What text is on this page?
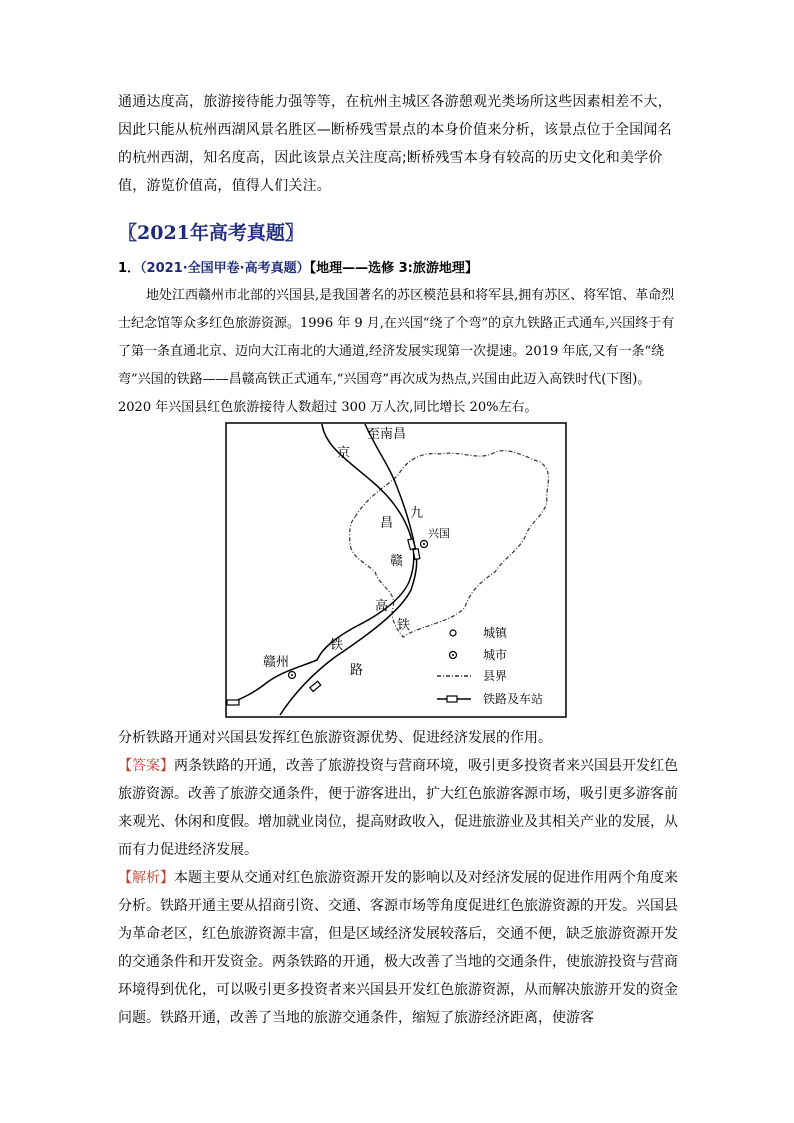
通通达度高，旅游接待能力强等等，在杭州主城区各游憩观光类场所这些因素相差不大，因此只能从杭州西湖风景名胜区—断桥残雪景点的本身价值来分析，该景点位于全国闻名的杭州西湖，知名度高，因此该景点关注度高;断桥残雪本身有较高的历史文化和美学价值，游览价值高，值得人们关注。
〖2021年高考真题〗
1．（2021·全国甲卷·高考真题）【地理——选修 3:旅游地理】
地处江西赣州市北部的兴国县,是我国著名的苏区模范县和将军县,拥有苏区、将军馆、革命烈士纪念馆等众多红色旅游资源。1996 年 9 月,在兴国“绕了个弯”的京九铁路正式通车,兴国终于有了第一条直通北京、迈向大江南北的大通道,经济发展实现第一次提速。2019 年底,又有一条“绕弯”兴国的铁路——昌赣高铁正式通车,“兴国弯”再次成为热点,兴国由此迈入高铁时代(下图)。2020 年兴国县红色旅游接待人数超过 300 万人次,同比增长 20%左右。
至南昌
京
九
兴国
昌
赣
高
铁
铁
路
赣州
城镇
城市
县界
铁路及车站
分析铁路开通对兴国县发挥红色旅游资源优势、促进经济发展的作用。
【答案】两条铁路的开通，改善了旅游投资与营商环境，吸引更多投资者来兴国县开发红色旅游资源。改善了旅游交通条件，便于游客进出，扩大红色旅游客源市场，吸引更多游客前来观光、休闲和度假。增加就业岗位，提高财政收入，促进旅游业及其相关产业的发展，从而有力促进经济发展。
【解析】本题主要从交通对红色旅游资源开发的影响以及对经济发展的促进作用两个角度来分析。铁路开通主要从招商引资、交通、客源市场等角度促进红色旅游资源的开发。兴国县为革命老区，红色旅游资源丰富，但是区域经济发展较落后，交通不便，缺乏旅游资源开发的交通条件和开发资金。两条铁路的开通，极大改善了当地的交通条件，使旅游投资与营商环境得到优化，可以吸引更多投资者来兴国县开发红色旅游资源，从而解决旅游开发的资金问题。铁路开通，改善了当地的旅游交通条件，缩短了旅游经济距离，使游客
